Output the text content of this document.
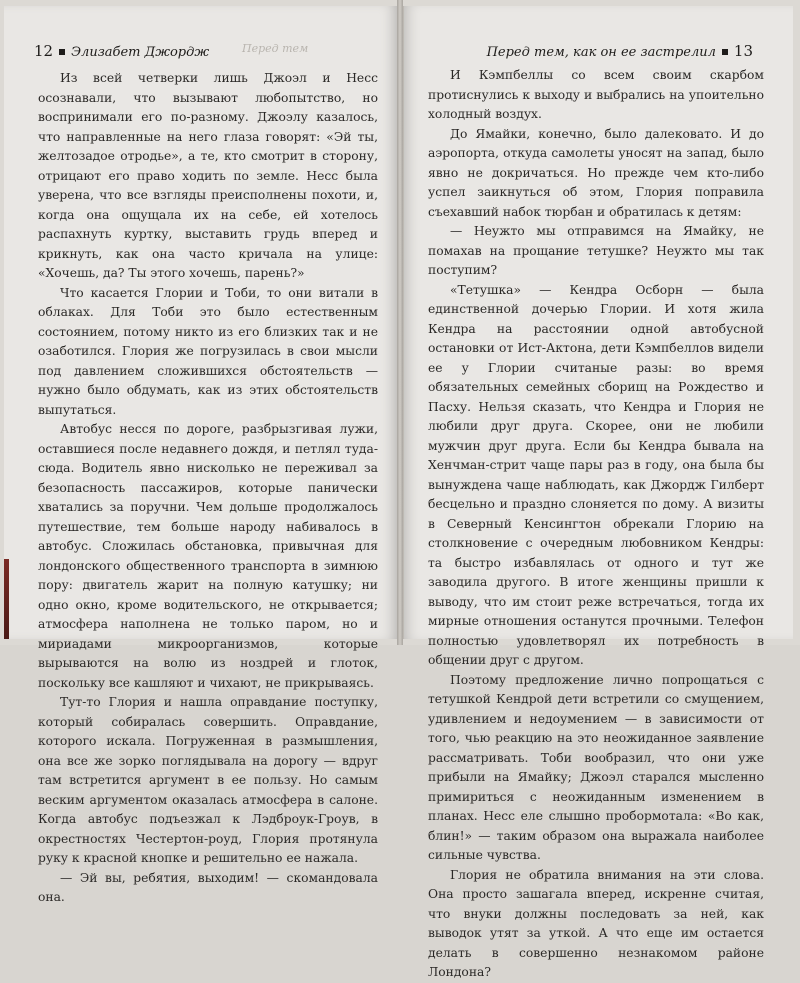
12 Элизабет Джордж	Перед тем

Из всей четверки лишь Джоэл и Несс осознавали, что вызывают любопытство, но воспринимали его по-разному. Джоэлу казалось, что направленные на него глаза говорят: «Эй ты, желтозадое отродье», а те, кто смотрит в сторону, отрицают его право ходить по земле. Несс была уверена, что все взгляды преисполнены похоти, и, когда она ощущала их на себе, ей хотелось распахнуть куртку, выставить грудь вперед и крикнуть, как она часто кричала на улице: «Хочешь, да? Ты этого хочешь, парень?»

Что касается Глории и Тоби, то они витали в облаках. Для Тоби это было естественным состоянием, потому никто из его близких так и не озаботился. Глория же погрузилась в свои мысли под давлением сложившихся обстоятельств — нужно было обдумать, как из этих обстоятельств выпутаться.

Автобус несся по дороге, разбрызгивая лужи, оставшиеся после недавнего дождя, и петлял туда-сюда. Водитель явно нисколько не переживал за безопасность пассажиров, которые панически хватались за поручни. Чем дольше продолжалось путешествие, тем больше народу набивалось в автобус. Сложилась обстановка, привычная для лондонского общественного транспорта в зимнюю пору: двигатель жарит на полную катушку; ни одно окно, кроме водительского, не открывается; атмосфера наполнена не только паром, но и мириадами микроорганизмов, которые вырываются на волю из ноздрей и глоток, поскольку все кашляют и чихают, не прикрываясь.

Тут-то Глория и нашла оправдание поступку, который собиралась совершить. Оправдание, которого искала. Погруженная в размышления, она все же зорко поглядывала на дорогу — вдруг там встретится аргумент в ее пользу. Но самым веским аргументом оказалась атмосфера в салоне. Когда автобус подъезжал к Лэдброук-Гроув, в окрестностях Честертон-роуд, Глория протянула руку к красной кнопке и решительно ее нажала.

— Эй вы, ребятия, выходим! — скомандовала она.

Перед тем, как он ее застрелил 13

И Кэмпбеллы со всем своим скарбом протиснулись к выходу и выбрались на упоительно холодный воздух.

До Ямайки, конечно, было далековато. И до аэропорта, откуда самолеты уносят на запад, было явно не докричаться. Но прежде чем кто-либо успел заикнуться об этом, Глория поправила съехавший набок тюрбан и обратилась к детям:

— Неужто мы отправимся на Ямайку, не помахав на прощание тетушке? Неужто мы так поступим?

«Тетушка» — Кендра Осборн — была единственной дочерью Глории. И хотя жила Кендра на расстоянии одной автобусной остановки от Ист-Актона, дети Кэмпбеллов видели ее у Глории считаные разы: во время обязательных семейных сборищ на Рождество и Пасху. Нельзя сказать, что Кендра и Глория не любили друг друга. Скорее, они не любили мужчин друг друга. Если бы Кендра бывала на Хенчман-стрит чаще пары раз в году, она была бы вынуждена чаще наблюдать, как Джордж Гилберт бесцельно и праздно слоняется по дому. А визиты в Северный Кенсингтон обрекали Глорию на столкновение с очередным любовником Кендры: та быстро избавлялась от одного и тут же заводила другого. В итоге женщины пришли к выводу, что им стоит реже встречаться, тогда их мирные отношения останутся прочными. Телефон полностью удовлетворял их потребность в общении друг с другом.

Поэтому предложение лично попрощаться с тетушкой Кендрой дети встретили со смущением, удивлением и недоумением — в зависимости от того, чью реакцию на это неожиданное заявление рассматривать. Тоби вообразил, что они уже прибыли на Ямайку; Джоэл старался мысленно примириться с неожиданным изменением в планах. Несс еле слышно пробормотала: «Во как, блин!» — таким образом она выражала наиболее сильные чувства.

Глория не обратила внимания на эти слова. Она просто зашагала вперед, искренне считая, что внуки должны последовать за ней, как выводок утят за уткой. А что еще им остается делать в совершенно незнакомом районе Лондона?
